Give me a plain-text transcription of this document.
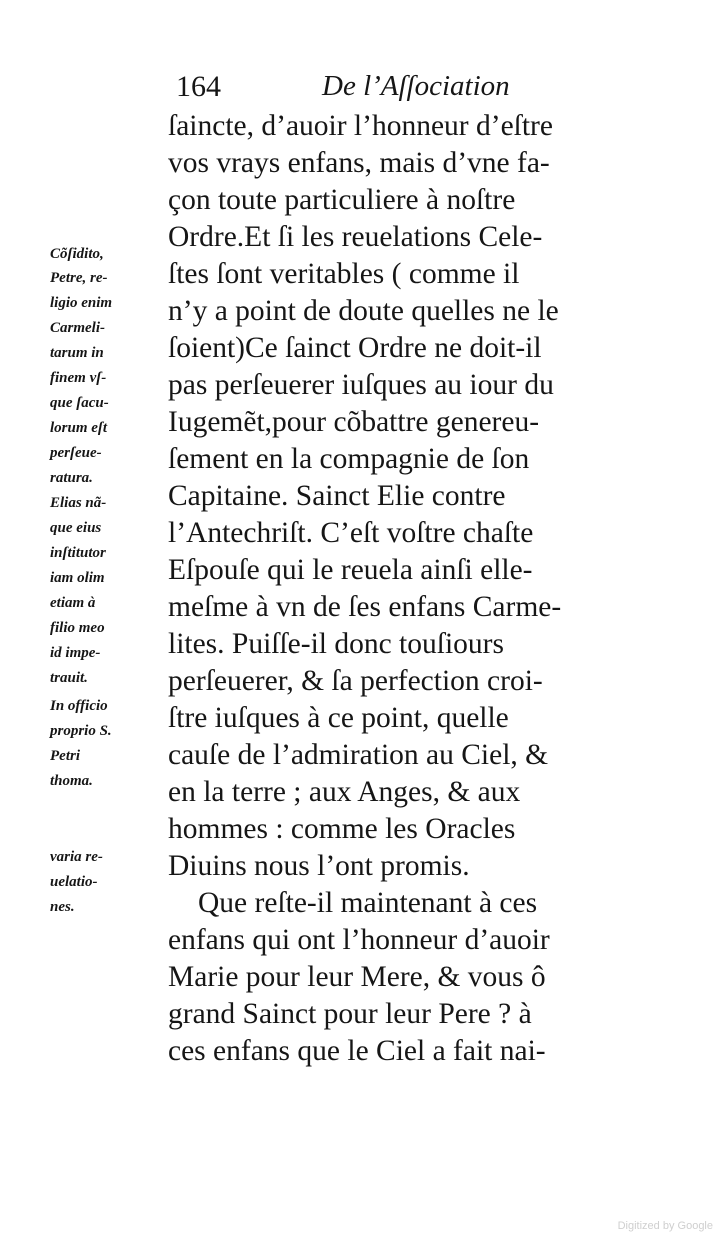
164	De l’Aſſociation
Cõſidito,
Petre, re-
ligio enim
Carmeli-
tarum in
finem vſ-
que ſacu-
lorum eſt
perſeue-
ratura.
Elias nã-
que eius
inſtitutor
iam olim
etiam à
filio meo
id impe-
trauit.
In officio
proprio S.
Petri
thoma.
varia re-
uelatio-
nes.
ſaincte, d’auoir l’honneur d’eſtre
vos vrays enfans, mais d’vne fa-
çon toute particuliere à noſtre
Ordre.Et ſi les reuelations Cele-
ſtes ſont veritables ( comme il
n’y a point de doute quelles ne le
ſoient)Ce ſainct Ordre ne doit-il
pas perſeuerer iuſques au iour du
Iugemẽt,pour cõbattre genereu-
ſement en la compagnie de ſon
Capitaine. Sainct Elie contre
l’Antechriſt. C’eſt voſtre chaſte
Eſpouſe qui le reuela ainſi elle-
meſme à vn de ſes enfans Carme-
lites. Puiſſe-il donc touſiours
perſeuerer, & ſa perfection croi-
ſtre iuſques à ce point, quelle
cauſe de l’admiration au Ciel, &
en la terre ; aux Anges, & aux
hommes : comme les Oracles
Diuins nous l’ont promis.
Que reſte-il maintenant à ces
enfans qui ont l’honneur d’auoir
Marie pour leur Mere, & vous ô
grand Sainct pour leur Pere ? à
ces enfans que le Ciel a fait nai-
Digitized by Google
